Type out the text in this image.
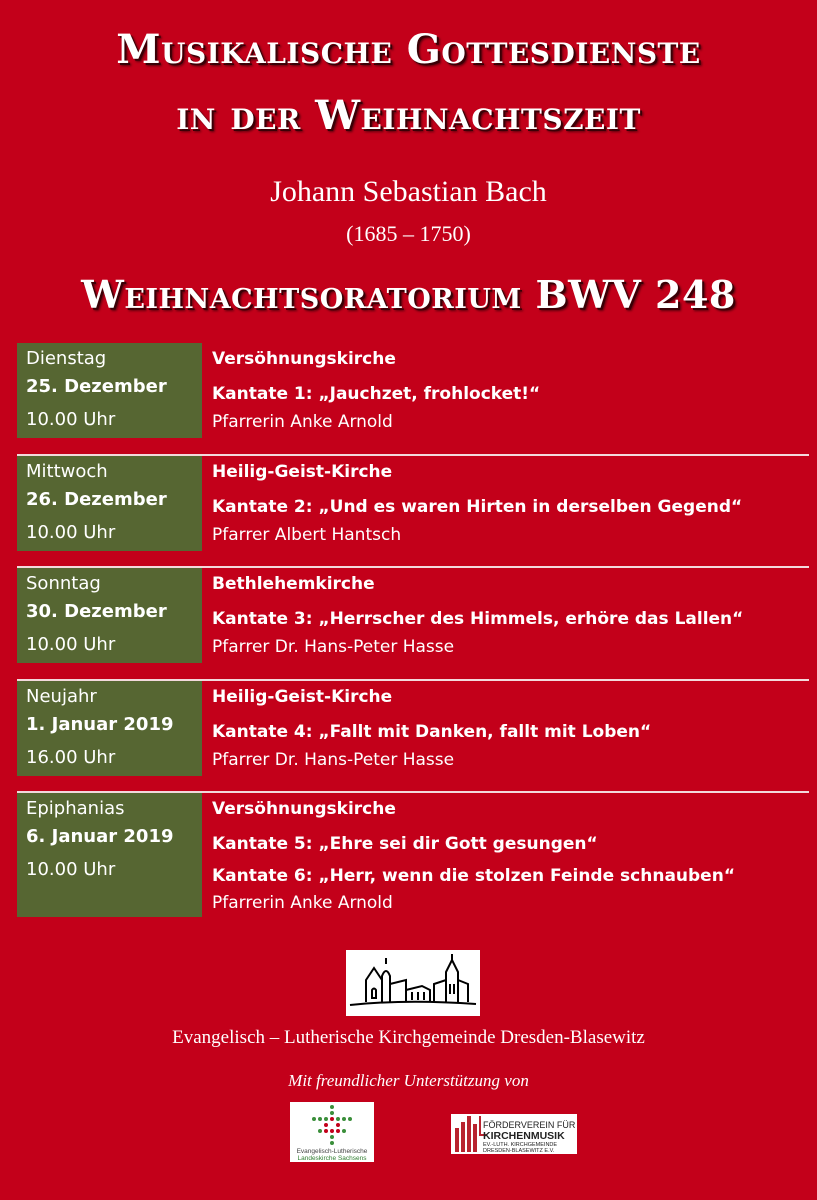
Musikalische Gottesdienste
in der Weihnachtszeit
Johann Sebastian Bach
(1685 – 1750)
Weihnachtsoratorium BWV 248
Dienstag
25. Dezember
10.00 Uhr
Versöhnungskirche
Kantate 1: „Jauchzet, frohlocket!“
Pfarrerin Anke Arnold
Mittwoch
26. Dezember
10.00 Uhr
Heilig-Geist-Kirche
Kantate 2: „Und es waren Hirten in derselben Gegend“
Pfarrer Albert Hantsch
Sonntag
30. Dezember
10.00 Uhr
Bethlehemkirche
Kantate 3: „Herrscher des Himmels, erhöre das Lallen“
Pfarrer Dr. Hans-Peter Hasse
Neujahr
1. Januar 2019
16.00 Uhr
Heilig-Geist-Kirche
Kantate 4: „Fallt mit Danken, fallt mit Loben“
Pfarrer Dr. Hans-Peter Hasse
Epiphanias
6. Januar 2019
10.00 Uhr
Versöhnungskirche
Kantate 5: „Ehre sei dir Gott gesungen“
Kantate 6: „Herr, wenn die stolzen Feinde schnauben“
Pfarrerin Anke Arnold
Evangelisch – Lutherische Kirchgemeinde Dresden-Blasewitz
Mit freundlicher Unterstützung von
Evangelisch-Lutherische
Landeskirche Sachsens
FÖRDERVEREIN FÜR
KIRCHENMUSIK
EV.-LUTH. KIRCHGEMEINDE
DRESDEN-BLASEWITZ E.V.
